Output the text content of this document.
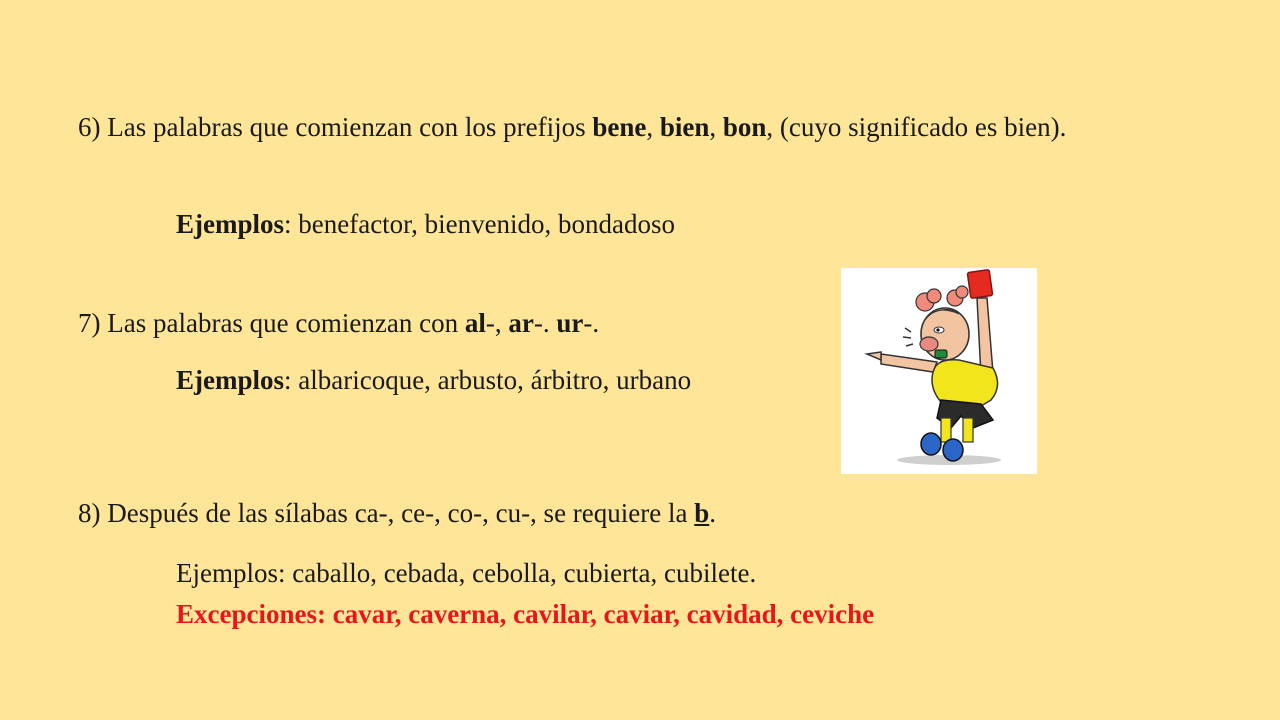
6) Las palabras que comienzan con los prefijos bene, bien, bon, (cuyo significado es bien).
Ejemplos: benefactor, bienvenido, bondadoso
7) Las palabras que comienzan con al-, ar-. ur-.
Ejemplos: albaricoque, arbusto, árbitro, urbano
8) Después de las sílabas ca-, ce-, co-, cu-, se requiere la b.
Ejemplos: caballo, cebada, cebolla, cubierta, cubilete.
Excepciones: cavar, caverna, cavilar, caviar, cavidad, ceviche
